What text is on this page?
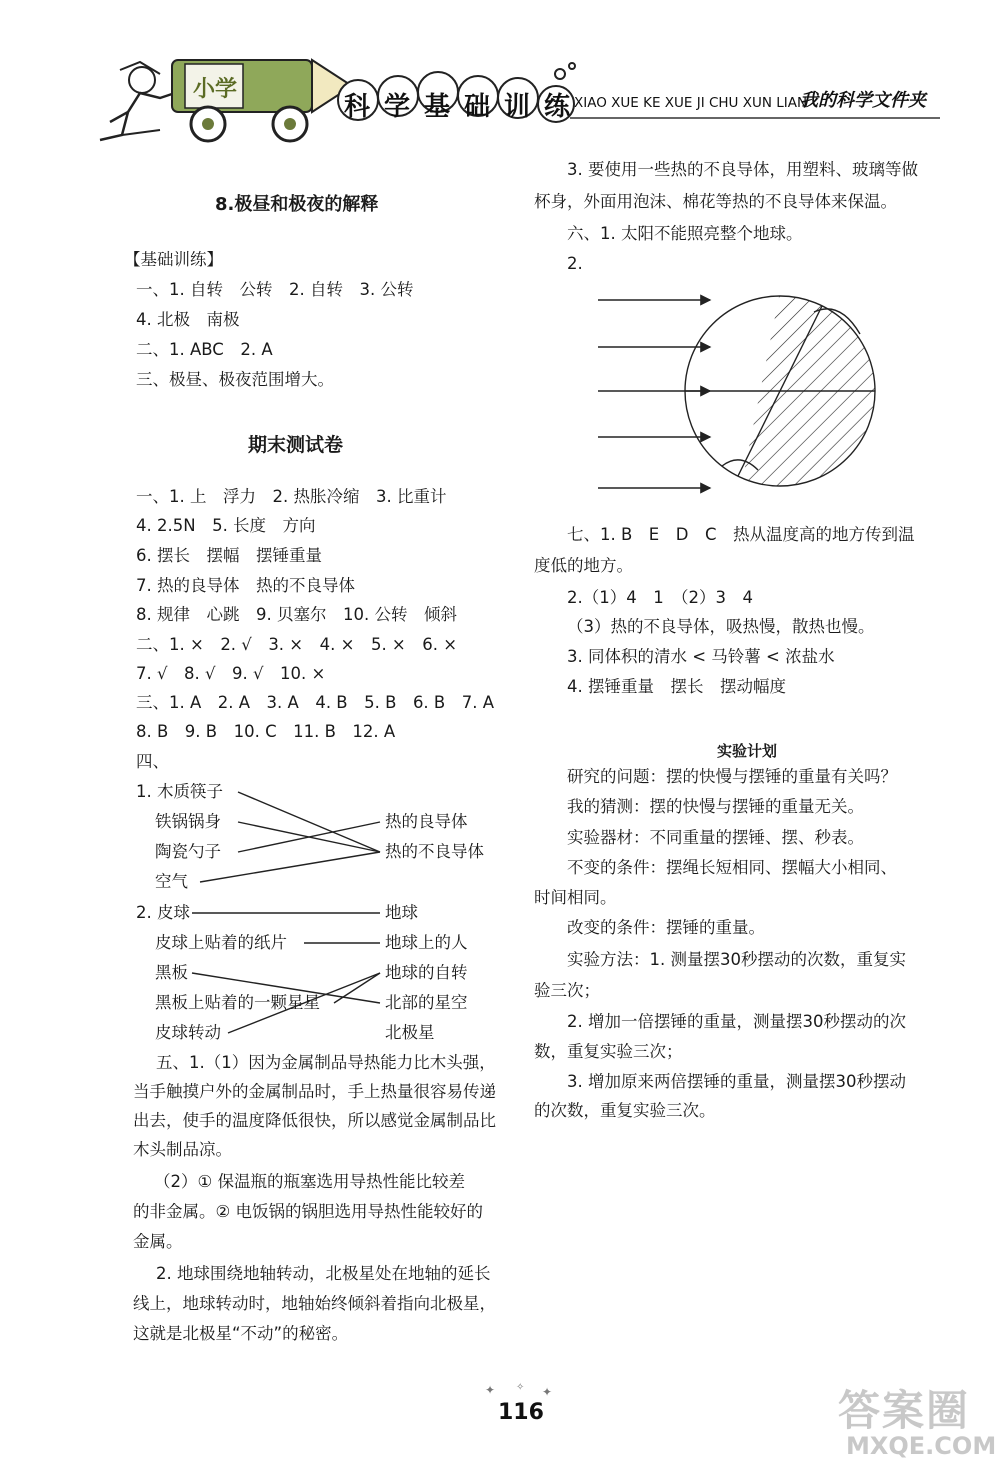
小学
科学基础训练
XIAO XUE KE XUE JI CHU XUN LIAN
我的科学文件夹
8.极昼和极夜的解释
【基础训练】
一、1. 自转　公转　2. 自转　3. 公转
4. 北极　南极
二、1. ABC　2. A
三、极昼、极夜范围增大。
期末测试卷
一、1. 上　浮力　2. 热胀冷缩　3. 比重计
4. 2.5N　5. 长度　方向
6. 摆长　摆幅　摆锤重量
7. 热的良导体　热的不良导体
8. 规律　心跳　9. 贝塞尔　10. 公转　倾斜
二、1. ×　2. √　3. ×　4. ×　5. ×　6. ×
7. √　8. √　9. √　10. ×
三、1. A　2. A　3. A　4. B　5. B　6. B　7. A
8. B　9. B　10. C　11. B　12. A
四、
1. 木质筷子
铁锅锅身
陶瓷勺子
空气
热的良导体
热的不良导体
2. 皮球
皮球上贴着的纸片
黑板
黑板上贴着的一颗星星
皮球转动
地球
地球上的人
地球的自转
北部的星空
北极星
五、1.（1）因为金属制品导热能力比木头强，
当手触摸户外的金属制品时，手上热量很容易传递
出去，使手的温度降低很快，所以感觉金属制品比
木头制品凉。
（2）① 保温瓶的瓶塞选用导热性能比较差
的非金属。② 电饭锅的锅胆选用导热性能较好的
金属。
2. 地球围绕地轴转动，北极星处在地轴的延长
线上，地球转动时，地轴始终倾斜着指向北极星，
这就是北极星“不动”的秘密。
3. 要使用一些热的不良导体，用塑料、玻璃等做
杯身，外面用泡沫、棉花等热的不良导体来保温。
六、1. 太阳不能照亮整个地球。
2.
七、1. B　E　D　C　热从温度高的地方传到温
度低的地方。
2.（1）4　1　（2）3　4
（3）热的不良导体，吸热慢，散热也慢。
3. 同体积的清水 < 马铃薯 < 浓盐水
4. 摆锤重量　摆长　摆动幅度
实验计划
研究的问题：摆的快慢与摆锤的重量有关吗？
我的猜测：摆的快慢与摆锤的重量无关。
实验器材：不同重量的摆锤、摆、秒表。
不变的条件：摆绳长短相同、摆幅大小相同、
时间相同。
改变的条件：摆锤的重量。
实验方法：1. 测量摆30秒摆动的次数，重复实
验三次；
2. 增加一倍摆锤的重量，测量摆30秒摆动的次
数，重复实验三次；
3. 增加原来两倍摆锤的重量，测量摆30秒摆动
的次数，重复实验三次。
✦ ✧ ✦
116	答案圈
MXQE.COM
